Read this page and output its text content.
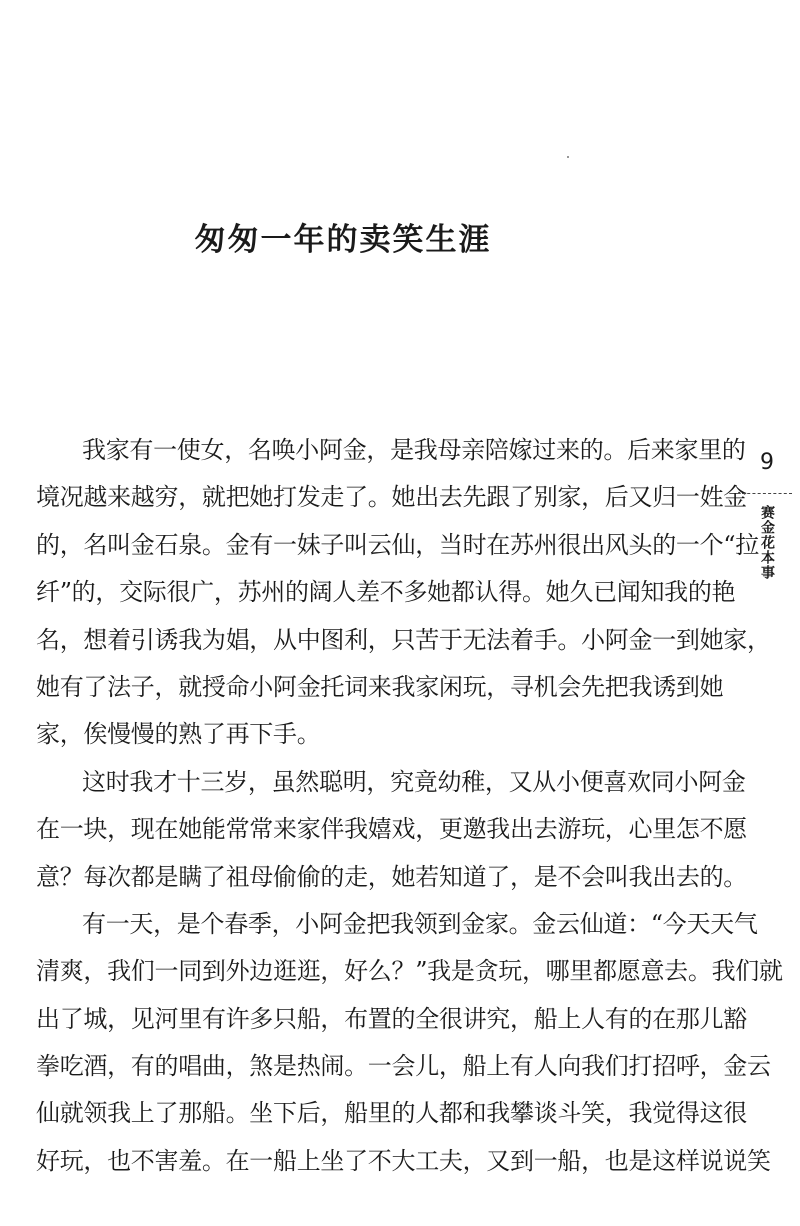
匆匆一年的卖笑生涯
我家有一使女，名唤小阿金，是我母亲陪嫁过来的。后来家里的
境况越来越穷，就把她打发走了。她出去先跟了别家，后又归一姓金
的，名叫金石泉。金有一妹子叫云仙，当时在苏州很出风头的一个“拉
纤”的，交际很广，苏州的阔人差不多她都认得。她久已闻知我的艳
名，想着引诱我为娼，从中图利，只苦于无法着手。小阿金一到她家，
她有了法子，就授命小阿金托词来我家闲玩，寻机会先把我诱到她
家，俟慢慢的熟了再下手。
这时我才十三岁，虽然聪明，究竟幼稚，又从小便喜欢同小阿金
在一块，现在她能常常来家伴我嬉戏，更邀我出去游玩，心里怎不愿
意？每次都是瞒了祖母偷偷的走，她若知道了，是不会叫我出去的。
有一天，是个春季，小阿金把我领到金家。金云仙道：“今天天气
清爽，我们一同到外边逛逛，好么？”我是贪玩，哪里都愿意去。我们就
出了城，见河里有许多只船，布置的全很讲究，船上人有的在那儿豁
拳吃酒，有的唱曲，煞是热闹。一会儿，船上有人向我们打招呼，金云
仙就领我上了那船。坐下后，船里的人都和我攀谈斗笑，我觉得这很
好玩，也不害羞。在一船上坐了不大工夫，又到一船，也是这样说说笑
9
赛金花本事
